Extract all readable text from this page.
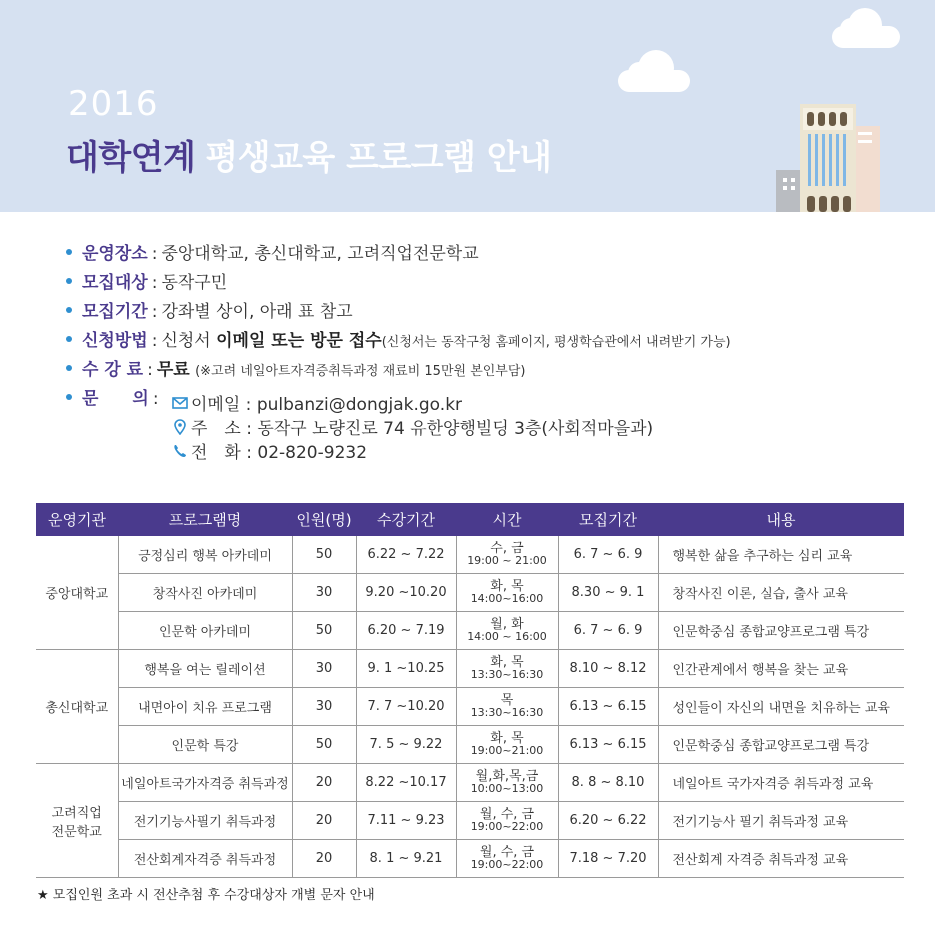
2016
대학연계 평생교육 프로그램 안내
운영장소 : 중앙대학교, 총신대학교, 고려직업전문학교
모집대상 : 동작구민
모집기간 : 강좌별 상이, 아래 표 참고
신청방법 : 신청서 이메일 또는 방문 접수(신청서는 동작구청 홈페이지, 평생학습관에서 내려받기 가능)
수 강 료 : 무료 (※고려 네일아트자격증취득과정 재료비 15만원 본인부담)
문　　의 :	이메일 : pulbanzi@dongjak.go.kr
주　소 : 동작구 노량진로 74 유한양행빌딩 3층(사회적마을과)
전　화 : 02-820-9232
운영기관	프로그램명	인원(명)	수강기간	시간	모집기간	내용

중앙대학교	긍정심리 행복 아카데미	50	6.22 ~ 7.22	수, 금
19:00 ~ 21:00	6. 7 ~ 6. 9	행복한 삶을 추구하는 심리 교육
	창작사진 아카데미	30	9.20 ~10.20	화, 목
14:00~16:00	8.30 ~ 9. 1	창작사진 이론, 실습, 출사 교육
	인문학 아카데미	50	6.20 ~ 7.19	월, 화
14:00 ~ 16:00	6. 7 ~ 6. 9	인문학중심 종합교양프로그램 특강

총신대학교	행복을 여는 릴레이션	30	9. 1 ~10.25	화, 목
13:30~16:30	8.10 ~ 8.12	인간관계에서 행복을 찾는 교육
	내면아이 치유 프로그램	30	7. 7 ~10.20	목
13:30~16:30	6.13 ~ 6.15	성인들이 자신의 내면을 치유하는 교육
	인문학 특강	50	7. 5 ~ 9.22	화, 목
19:00~21:00	6.13 ~ 6.15	인문학중심 종합교양프로그램 특강

고려직업
전문학교	네일아트국가자격증 취득과정	20	8.22 ~10.17	월,화,목,금
10:00~13:00	8. 8 ~ 8.10	네일아트 국가자격증 취득과정 교육
	전기기능사필기 취득과정	20	7.11 ~ 9.23	월, 수, 금
19:00~22:00	6.20 ~ 6.22	전기기능사 필기 취득과정 교육
	전산회계자격증 취득과정	20	8. 1 ~ 9.21	월, 수, 금
19:00~22:00	7.18 ~ 7.20	전산회계 자격증 취득과정 교육
★ 모집인원 초과 시 전산추첨 후 수강대상자 개별 문자 안내
